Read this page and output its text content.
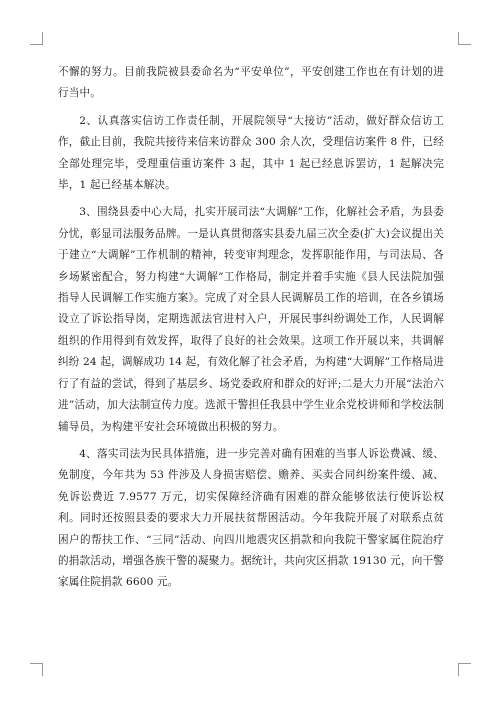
不懈的努力。目前我院被县委命名为“平安单位”，平安创建工作也在有计划的进行当中。

2、认真落实信访工作责任制，开展院领导“大接访”活动，做好群众信访工作，截止目前，我院共接待来信来访群众 300 余人次，受理信访案件 8 件，已经全部处理完毕，受理重信重访案件 3 起，其中 1 起已经息诉罢访，1 起解决完毕，1 起已经基本解决。

3、围绕县委中心大局，扎实开展司法“大调解”工作，化解社会矛盾，为县委分忧，彰显司法服务品牌。一是认真贯彻落实县委九届三次全委(扩大)会议提出关于建立“大调解”工作机制的精神，转变审判理念，发挥职能作用，与司法局、各乡场紧密配合，努力构建“大调解”工作格局，制定并着手实施《县人民法院加强指导人民调解工作实施方案》。完成了对全县人民调解员工作的培训，在各乡镇场设立了诉讼指导岗，定期选派法官进村入户，开展民事纠纷调处工作，人民调解组织的作用得到有效发挥，取得了良好的社会效果。这项工作开展以来，共调解纠纷 24 起，调解成功 14 起，有效化解了社会矛盾，为构建“大调解”工作格局进行了有益的尝试，得到了基层乡、场党委政府和群众的好评;二是大力开展“法治六进”活动，加大法制宣传力度。选派干警担任我县中学生业余党校讲师和学校法制辅导员，为构建平安社会环境做出积极的努力。

4、落实司法为民具体措施，进一步完善对确有困难的当事人诉讼费减、缓、免制度，今年共为 53 件涉及人身损害赔偿、赡养、买卖合同纠纷案件缓、减、免诉讼费近 7.9577 万元，切实保障经济确有困难的群众能够依法行使诉讼权利。同时还按照县委的要求大力开展扶贫帮困活动。今年我院开展了对联系点贫困户的帮扶工作、“三同”活动、向四川地震灾区捐款和向我院干警家属住院治疗的捐款活动，增强各族干警的凝聚力。据统计，共向灾区捐款 19130 元，向干警家属住院捐款 6600 元。
